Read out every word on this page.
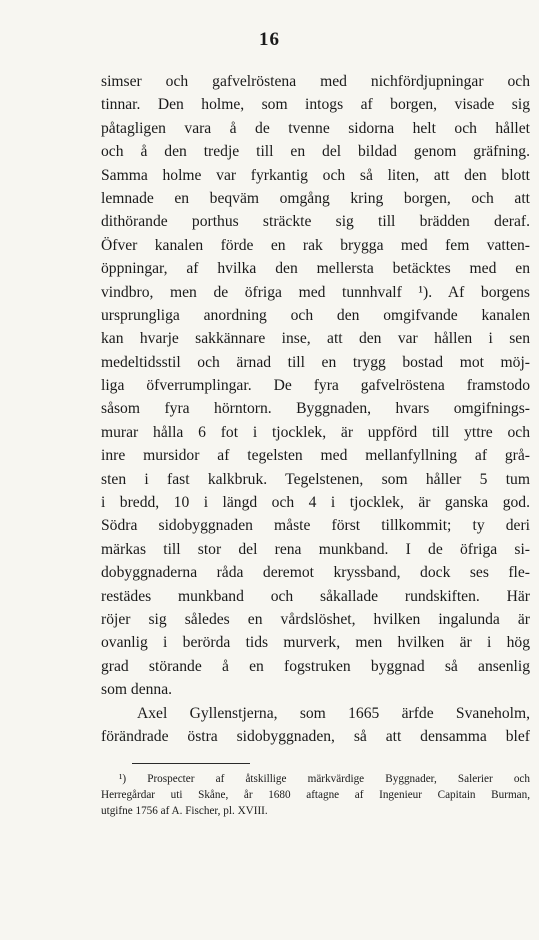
16
simser och gafvelröstena med nichfördjupningar och
tinnar. Den holme, som intogs af borgen, visade sig
påtagligen vara å de tvenne sidorna helt och hållet
och å den tredje till en del bildad genom gräfning.
Samma holme var fyrkantig och så liten, att den blott
lemnade en beqväm omgång kring borgen, och att
dithörande porthus sträckte sig till brädden deraf.
Öfver kanalen förde en rak brygga med fem vatten-
öppningar, af hvilka den mellersta betäcktes med en
vindbro, men de öfriga med tunnhvalf ¹). Af borgens
ursprungliga anordning och den omgifvande kanalen
kan hvarje sakkännare inse, att den var hållen i sen
medeltidsstil och ärnad till en trygg bostad mot möj-
liga öfverrumplingar. De fyra gafvelröstena framstodo
såsom fyra hörntorn. Byggnaden, hvars omgifnings-
murar hålla 6 fot i tjocklek, är uppförd till yttre och
inre mursidor af tegelsten med mellanfyllning af grå-
sten i fast kalkbruk. Tegelstenen, som håller 5 tum
i bredd, 10 i längd och 4 i tjocklek, är ganska god.
Södra sidobyggnaden måste först tillkommit; ty deri
märkas till stor del rena munkband. I de öfriga si-
dobyggnaderna råda deremot kryssband, dock ses fle-
restädes munkband och såkallade rundskiften. Här
röjer sig således en vårdslöshet, hvilken ingalunda är
ovanlig i berörda tids murverk, men hvilken är i hög
grad störande å en fogstruken byggnad så ansenlig
som denna.
Axel Gyllenstjerna, som 1665 ärfde Svaneholm,
förändrade östra sidobyggnaden, så att densamma blef
¹) Prospecter af åtskillige märkvärdige Byggnader, Salerier och
Herregårdar uti Skåne, år 1680 aftagne af Ingenieur Capitain Burman,
utgifne 1756 af A. Fischer, pl. XVIII.
